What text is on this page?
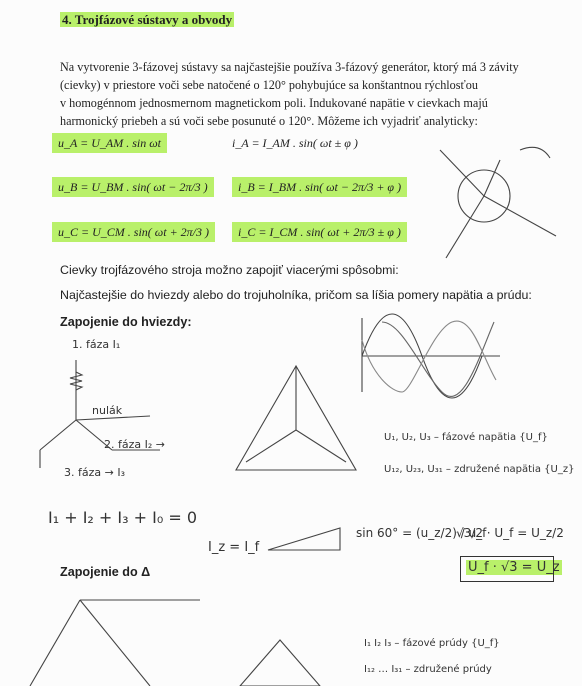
4. Trojfázové sústavy a obvody
Na vytvorenie 3-fázovej sústavy sa najčastejšie používa 3-fázový generátor, ktorý má 3 závity
(cievky) v priestore voči sebe natočené o 120° pohybujúce sa konštantnou rýchlosťou
v homogénnom jednosmernom magnetickom poli. Indukované napätie v cievkach majú
harmonický priebeh a sú voči sebe posunuté o 120°. Môžeme ich vyjadriť analyticky:
u_A = U_AM . sin ωt
u_B = U_BM . sin( ωt − 2π/3 )
u_C = U_CM . sin( ωt + 2π/3 )
i_A = I_AM . sin( ωt ± φ )
i_B = I_BM . sin( ωt − 2π/3 + φ )
i_C = I_CM . sin( ωt + 2π/3 ± φ )
Cievky trojfázového stroja možno zapojiť viacerými spôsobmi:
Najčastejšie do hviezdy alebo do trojuholníka, pričom sa líšia pomery napätia a prúdu:
Zapojenie do hviezdy:
Zapojenie do Δ
1. fáza I₁
nulák
2. fáza I₂ →
3. fáza → I₃
I₁ + I₂ + I₃ + I₀ = 0
I_z = I_f
sin 60° = (u_z/2) / u_f
√3/2 · U_f = U_z/2
U_f · √3 = U_z
U₁, U₂, U₃ – fázové napätia {U_f}
U₁₂, U₂₃, U₃₁ – združené napätia {U_z}
I₁ I₂ I₃ – fázové prúdy {U_f}
I₁₂ … I₃₁ – združené prúdy
